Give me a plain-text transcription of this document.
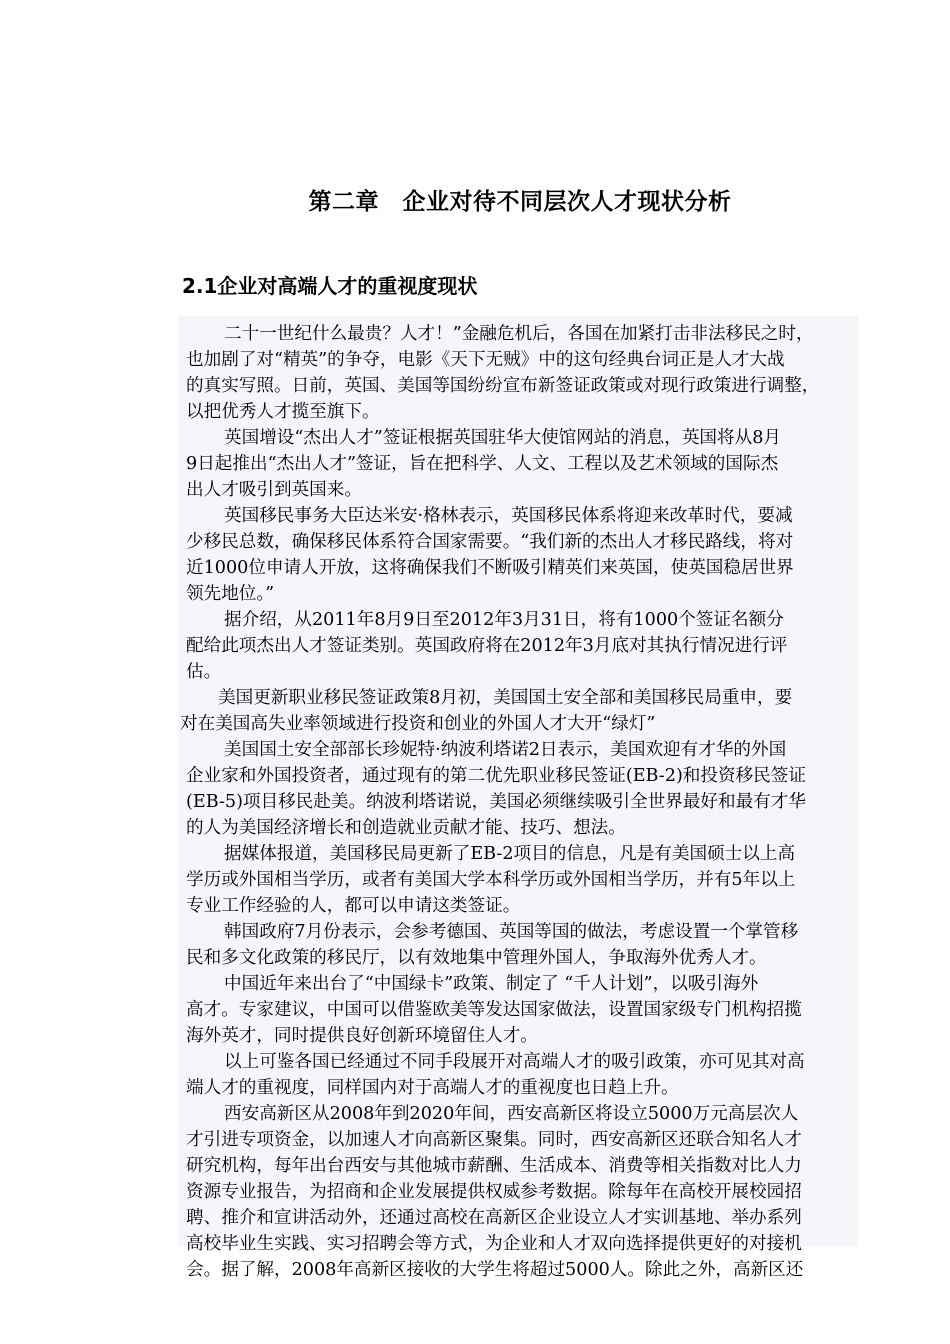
第二章　企业对待不同层次人才现状分析
2.1企业对高端人才的重视度现状

二十一世纪什么最贵？人才！”金融危机后，各国在加紧打击非法移民之时，

也加剧了对“精英”的争夺，电影《天下无贼》中的这句经典台词正是人才大战

的真实写照。日前，英国、美国等国纷纷宣布新签证政策或对现行政策进行调整，

以把优秀人才揽至旗下。

英国增设“杰出人才”签证根据英国驻华大使馆网站的消息，英国将从8月

9日起推出“杰出人才”签证，旨在把科学、人文、工程以及艺术领域的国际杰

出人才吸引到英国来。

英国移民事务大臣达米安·格林表示，英国移民体系将迎来改革时代，要减

少移民总数，确保移民体系符合国家需要。“我们新的杰出人才移民路线，将对

近1000位申请人开放，这将确保我们不断吸引精英们来英国，使英国稳居世界

领先地位。”

据介绍，从2011年8月9日至2012年3月31日，将有1000个签证名额分

配给此项杰出人才签证类别。英国政府将在2012年3月底对其执行情况进行评

估。

美国更新职业移民签证政策8月初，美国国土安全部和美国移民局重申，要

对在美国高失业率领域进行投资和创业的外国人才大开“绿灯”

美国国土安全部部长珍妮特·纳波利塔诺2日表示，美国欢迎有才华的外国

企业家和外国投资者，通过现有的第二优先职业移民签证(EB-2)和投资移民签证

(EB-5)项目移民赴美。纳波利塔诺说，美国必须继续吸引全世界最好和最有才华

的人为美国经济增长和创造就业贡献才能、技巧、想法。

据媒体报道，美国移民局更新了EB-2项目的信息，凡是有美国硕士以上高

学历或外国相当学历，或者有美国大学本科学历或外国相当学历，并有5年以上

专业工作经验的人，都可以申请这类签证。

韩国政府7月份表示，会参考德国、英国等国的做法，考虑设置一个掌管移

民和多文化政策的移民厅，以有效地集中管理外国人，争取海外优秀人才。

中国近年来出台了“中国绿卡”政策、制定了 “千人计划”，以吸引海外

高才。专家建议，中国可以借鉴欧美等发达国家做法，设置国家级专门机构招揽

海外英才，同时提供良好创新环境留住人才。

以上可鉴各国已经通过不同手段展开对高端人才的吸引政策，亦可见其对高

端人才的重视度，同样国内对于高端人才的重视度也日趋上升。

西安高新区从2008年到2020年间，西安高新区将设立5000万元高层次人

才引进专项资金，以加速人才向高新区聚集。同时，西安高新区还联合知名人才

研究机构，每年出台西安与其他城市薪酬、生活成本、消费等相关指数对比人力

资源专业报告，为招商和企业发展提供权威参考数据。除每年在高校开展校园招

聘、推介和宣讲活动外，还通过高校在高新区企业设立人才实训基地、举办系列

高校毕业生实践、实习招聘会等方式，为企业和人才双向选择提供更好的对接机

会。据了解，2008年高新区接收的大学生将超过5000人。除此之外，高新区还
